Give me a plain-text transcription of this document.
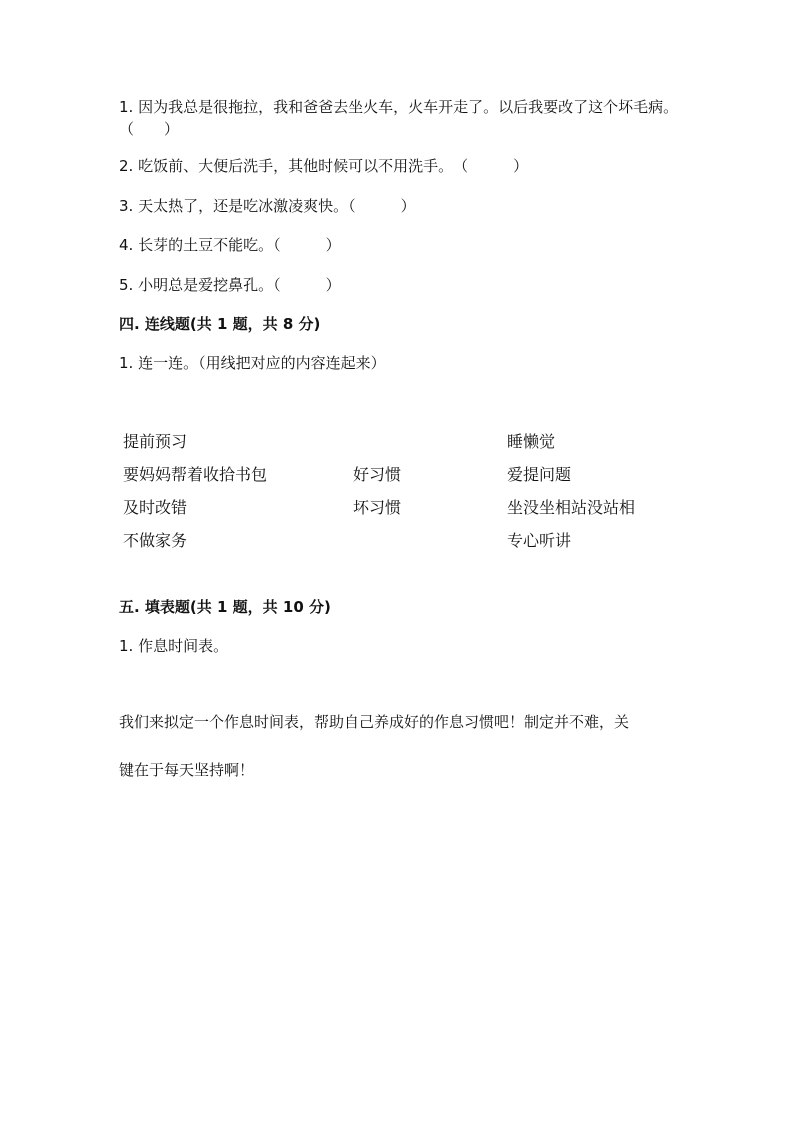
1. 因为我总是很拖拉，我和爸爸去坐火车，火车开走了。以后我要改了这个坏毛病。（　　）
2. 吃饭前、大便后洗手，其他时候可以不用洗手。　（　　　）
3. 天太热了，还是吃冰激凌爽快。（　　　）
4. 长芽的土豆不能吃。（　　　）
5. 小明总是爱挖鼻孔。（　　　）
四. 连线题(共 1 题，共 8 分)
1. 连一连。（用线把对应的内容连起来）
提前预习
要妈妈帮着收拾书包
及时改错
不做家务
好习惯
坏习惯
睡懒觉
爱提问题
坐没坐相站没站相
专心听讲
五. 填表题(共 1 题，共 10 分)
1. 作息时间表。
我们来拟定一个作息时间表，帮助自己养成好的作息习惯吧！制定并不难，关
键在于每天坚持啊！
